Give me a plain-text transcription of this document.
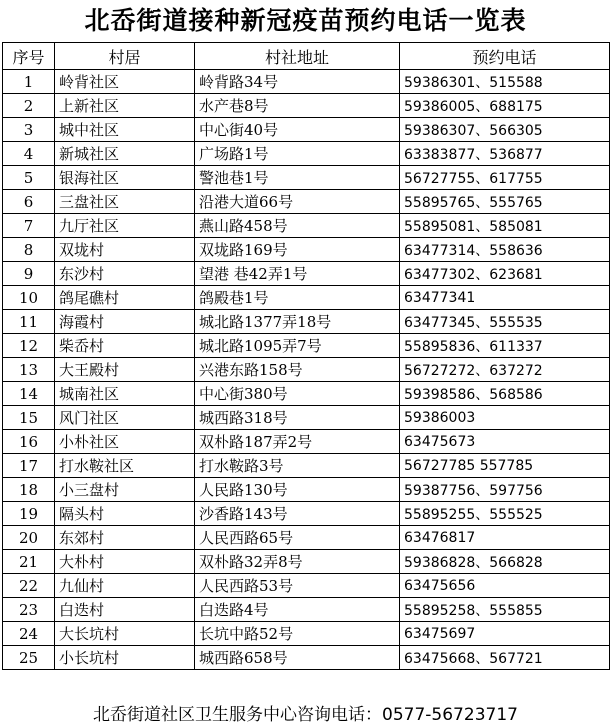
北岙街道接种新冠疫苗预约电话一览表
序号	村居	村社地址	预约电话
1	岭背社区	岭背路34号	59386301、515588
2	上新社区	水产巷8号	59386005、688175
3	城中社区	中心街40号	59386307、566305
4	新城社区	广场路1号	63383877、536877
5	银海社区	警池巷1号	56727755、617755
6	三盘社区	沿港大道66号	55895765、555765
7	九厅社区	燕山路458号	55895081、585081
8	双垅村	双垅路169号	63477314、558636
9	东沙村	望港 巷42弄1号	63477302、623681
10	鸽尾礁村	鸽殿巷1号	63477341
11	海霞村	城北路1377弄18号	63477345、555535
12	柴岙村	城北路1095弄7号	55895836、611337
13	大王殿村	兴港东路158号	56727272、637272
14	城南社区	中心街380号	59398586、568586
15	风门社区	城西路318号	59386003
16	小朴社区	双朴路187弄2号	63475673
17	打水鞍社区	打水鞍路3号	56727785 557785
18	小三盘村	人民路130号	59387756、597756
19	隔头村	沙香路143号	55895255、555525
20	东郊村	人民西路65号	63476817
21	大朴村	双朴路32弄8号	59386828、566828
22	九仙村	人民西路53号	63475656
23	白迭村	白迭路4号	55895258、555855
24	大长坑村	长坑中路52号	63475697
25	小长坑村	城西路658号	63475668、567721
北岙街道社区卫生服务中心咨询电话：0577-56723717
